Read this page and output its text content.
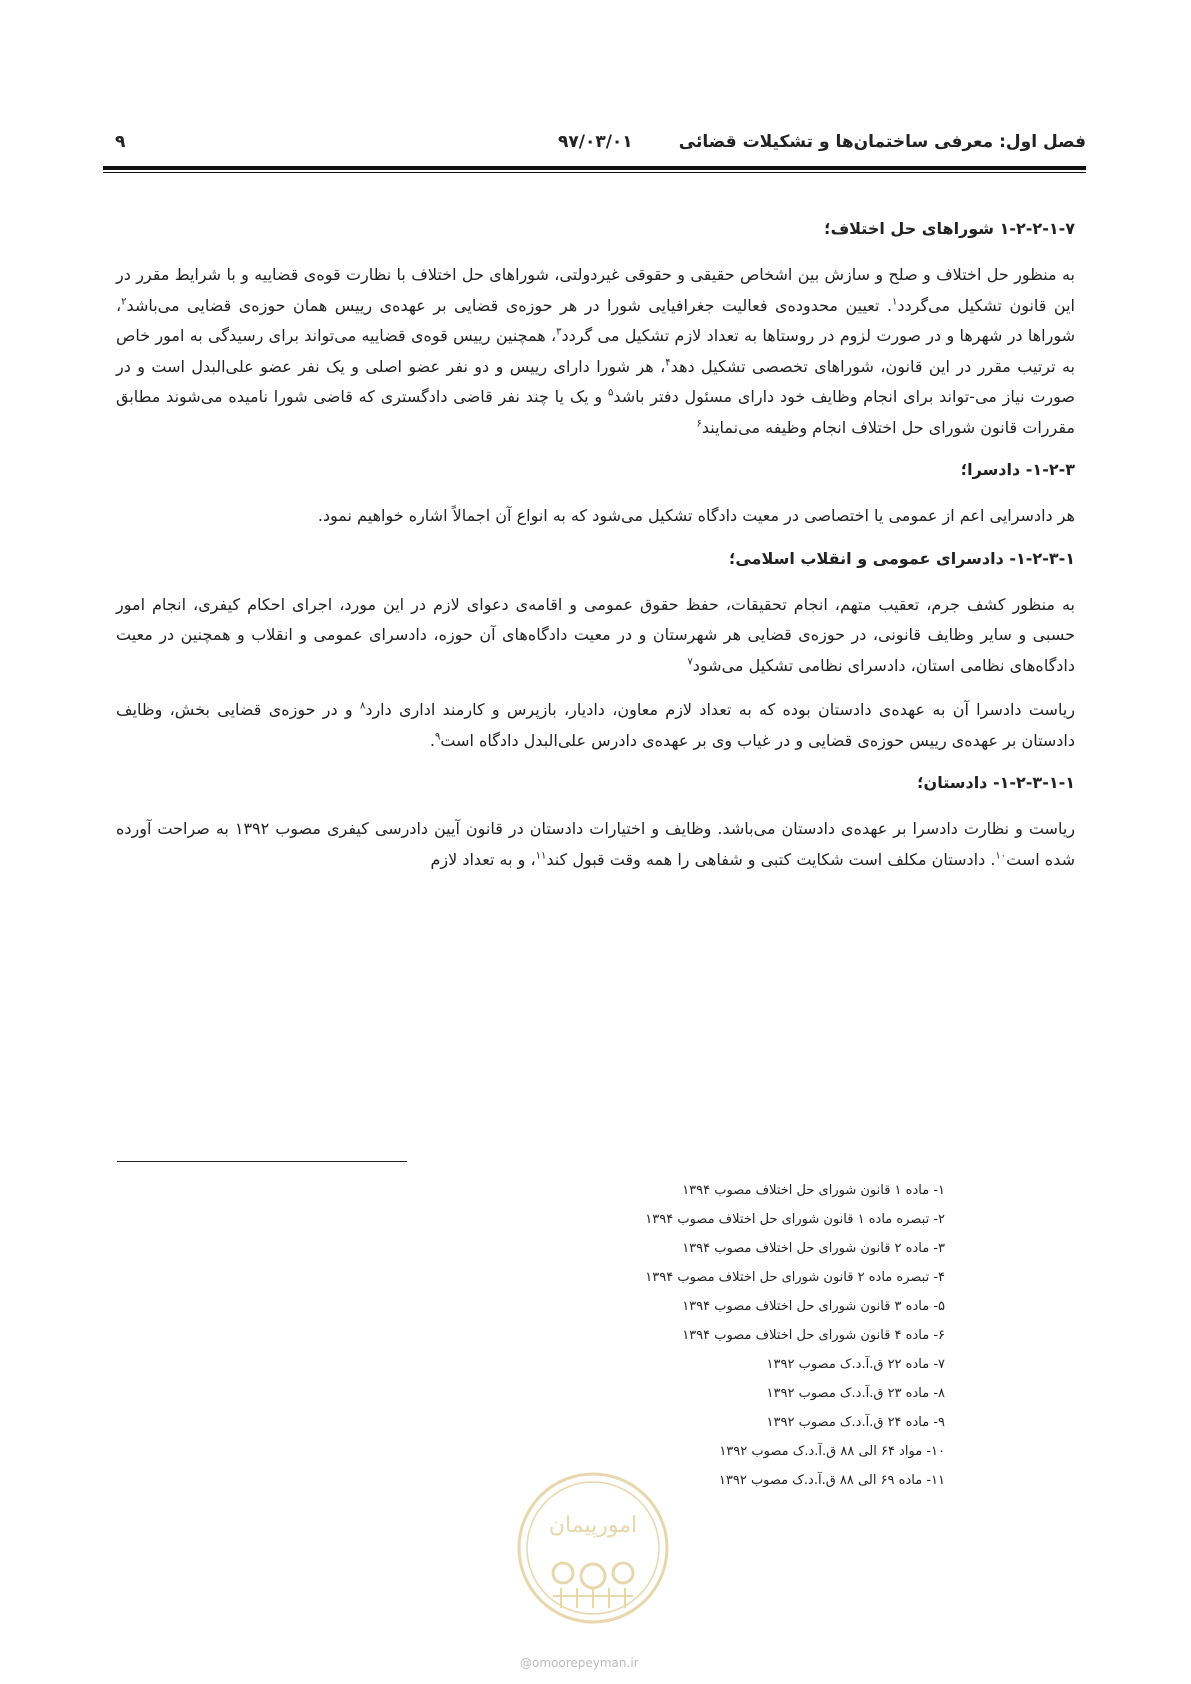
فصل اول: معرفی ساختمان‌ها و تشکیلات قضائی
۹۷/۰۳/۰۱
۹
۱-۲-۲-۱-۷ شوراهای حل اختلاف؛

به منظور حل اختلاف و صلح و سازش بین اشخاص حقیقی و حقوقی غیردولتی، شوراهای حل اختلاف با نظارت قوه‌ی قضاییه و با شرایط مقرر در این قانون تشکیل می‌گردد$^۱$. تعیین محدوده‌ی فعالیت جغرافیایی شورا در هر حوزه‌ی قضایی بر عهده‌ی رییس همان حوزه‌ی قضایی می‌باشد$^۲$، شوراها در شهرها و در صورت لزوم در روستاها به تعداد لازم تشکیل می گردد$^۳$، همچنین رییس قوه‌ی قضاییه می‌تواند برای رسیدگی به امور خاص به ترتیب مقرر در این قانون، شوراهای تخصصی تشکیل دهد$^۴$، هر شورا دارای رییس و دو نفر عضو اصلی و یک نفر عضو علی‌البدل است و در صورت نیاز می-تواند برای انجام وظایف خود دارای مسئول دفتر باشد$^۵$ و یک یا چند نفر قاضی دادگستری که قاضی شورا نامیده می‌شوند مطابق مقررات قانون شورای حل اختلاف انجام وظیفه می‌نمایند$^۶$

۱-۲-۳- دادسرا؛

هر دادسرایی اعم از عمومی یا اختصاصی در معیت دادگاه تشکیل می‌شود که به انواع آن اجمالاً اشاره خواهیم نمود.

۱-۲-۳-۱- دادسرای عمومی و انقلاب اسلامی؛

به منظور کشف جرم، تعقیب متهم، انجام تحقیقات، حفظ حقوق عمومی و اقامه‌ی دعوای لازم در این مورد، اجرای احکام کیفری، انجام امور حسبی و سایر وظایف قانونی، در حوزه‌ی قضایی هر شهرستان و در معیت دادگاه‌های آن حوزه، دادسرای عمومی و انقلاب و همچنین در معیت دادگاه‌های نظامی استان، دادسرای نظامی تشکیل می‌شود$^۷$

ریاست دادسرا آن به عهده‌ی دادستان بوده که به تعداد لازم معاون، دادیار، بازپرس و کارمند اداری دارد$^۸$ و در حوزه‌ی قضایی بخش، وظایف دادستان بر عهده‌ی رییس حوزه‌ی قضایی و در غیاب وی بر عهده‌ی دادرس علی‌البدل دادگاه است$^۹$.

۱-۲-۳-۱-۱- دادستان؛

ریاست و نظارت دادسرا بر عهده‌ی دادستان می‌باشد. وظایف و اختیارات دادستان در قانون آیین دادرسی کیفری مصوب ۱۳۹۲ به صراحت آورده شده است$^{۱۰}$. دادستان مکلف است شکایت کتبی و شفاهی را همه وقت قبول کند$^{۱۱}$، و به تعداد لازم

۱- ماده ۱ قانون شورای حل اختلاف مصوب ۱۳۹۴
۲- تبصره ماده ۱ قانون شورای حل اختلاف مصوب ۱۳۹۴
۳- ماده ۲ قانون شورای حل اختلاف مصوب ۱۳۹۴
۴- تبصره ماده ۲ قانون شورای حل اختلاف مصوب ۱۳۹۴
۵- ماده ۳ قانون شورای حل اختلاف مصوب ۱۳۹۴
۶- ماده ۴ قانون شورای حل اختلاف مصوب ۱۳۹۴
۷- ماده ۲۲ ق.آ.د.ک مصوب ۱۳۹۲
۸- ماده ۲۳ ق.آ.د.ک مصوب ۱۳۹۲
۹- ماده ۲۴ ق.آ.د.ک مصوب ۱۳۹۲
۱۰- مواد ۶۴ الی ۸۸ ق.آ.د.ک مصوب ۱۳۹۲
۱۱- ماده ۶۹ الی ۸۸ ق.آ.د.ک مصوب ۱۳۹۲
امورپیمان
@omoorepeyman.ir
